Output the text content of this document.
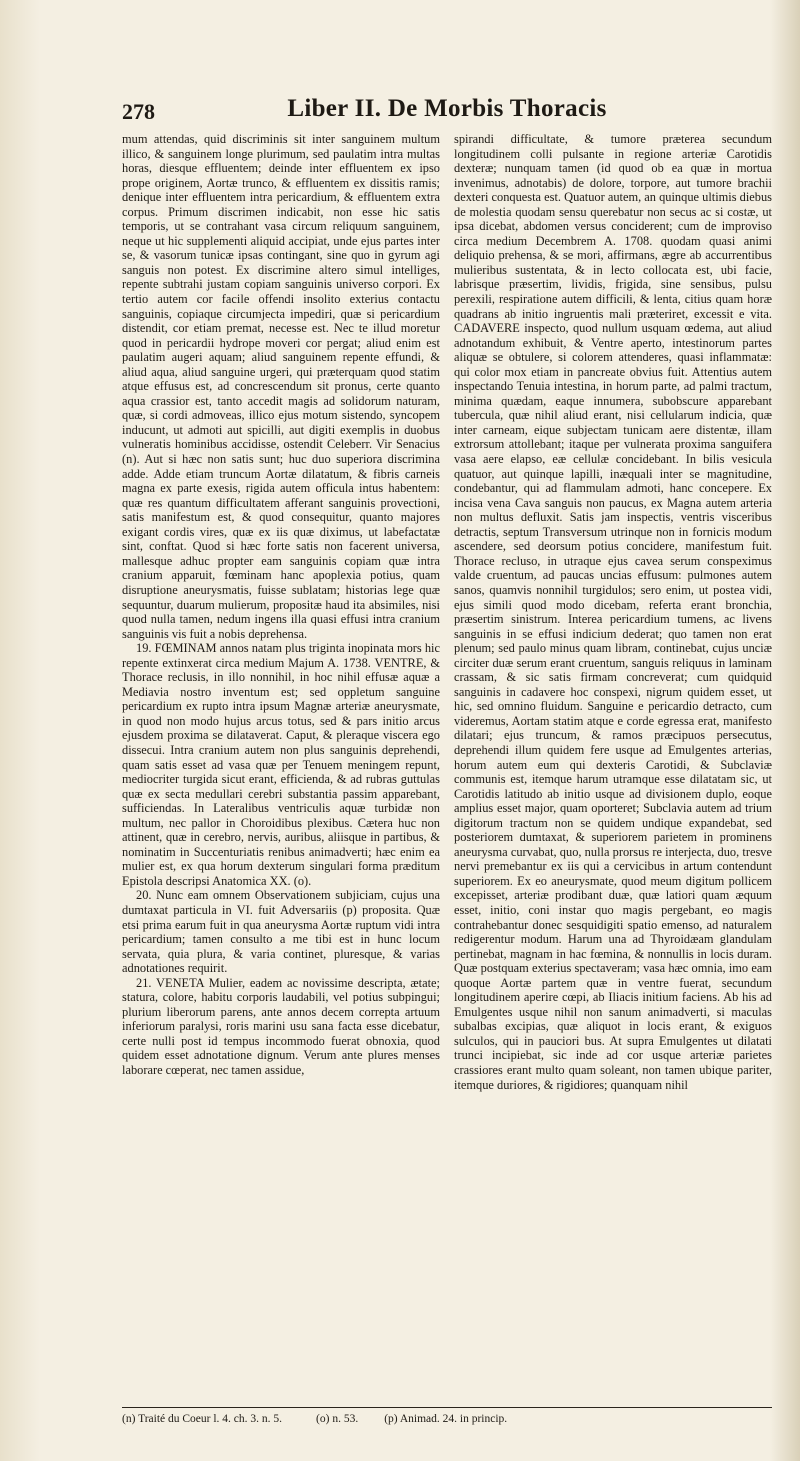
278	Liber II. De Morbis Thoracis

mum attendas, quid discriminis sit inter sanguinem multum illico, & sanguinem longe plurimum, sed paulatim intra multas horas, diesque effluentem; deinde inter effluentem ex ipso prope originem, Aortæ trunco, & effluentem ex dissitis ramis; denique inter effluentem intra pericardium, & effluentem extra corpus. Primum discrimen indicabit, non esse hic satis temporis, ut se contrahant vasa circum reliquum sanguinem, neque ut hic supplementi aliquid accipiat, unde ejus partes inter se, & vasorum tunicæ ipsas contingant, sine quo in gyrum agi sanguis non potest. Ex discrimine altero simul intelliges, repente subtrahi justam copiam sanguinis universo corpori. Ex tertio autem cor facile offendi insolito exterius contactu sanguinis, copiaque circumjecta impediri, quæ si pericardium distendit, cor etiam premat, necesse est. Nec te illud moretur quod in pericardii hydrope moveri cor pergat; aliud enim est paulatim augeri aquam; aliud sanguinem repente effundi, & aliud aqua, aliud sanguine urgeri, qui præterquam quod statim atque effusus est, ad concrescendum sit pronus, certe quanto aqua crassior est, tanto accedit magis ad solidorum naturam, quæ, si cordi admoveas, illico ejus motum sistendo, syncopem inducunt, ut admoti aut spicilli, aut digiti exemplis in duobus vulneratis hominibus accidisse, ostendit Celeberr. Vir Senacius (n). Aut si hæc non satis sunt; huc duo superiora discrimina adde. Adde etiam truncum Aortæ dilatatum, & fibris carneis magna ex parte exesis, rigida autem officula intus habentem: quæ res quantum difficultatem afferant sanguinis provectioni, satis manifestum est, & quod consequitur, quanto majores exigant cordis vires, quæ ex iis quæ diximus, ut labefactatæ sint, conftat. Quod si hæc forte satis non facerent universa, mallesque adhuc propter eam sanguinis copiam quæ intra cranium apparuit, fœminam hanc apoplexia potius, quam disruptione aneurysmatis, fuisse sublatam; historias lege quæ sequuntur, duarum mulierum, propositæ haud ita absimiles, nisi quod nulla tamen, nedum ingens illa quasi effusi intra cranium sanguinis vis fuit a nobis deprehensa.

19. FŒMINAM annos natam plus triginta inopinata mors hic repente extinxerat circa medium Majum A. 1738. VENTRE, & Thorace reclusis, in illo nonnihil, in hoc nihil effusæ aquæ a Mediavia nostro inventum est; sed oppletum sanguine pericardium ex rupto intra ipsum Magnæ arteriæ aneurysmate, in quod non modo hujus arcus totus, sed & pars initio arcus ejusdem proxima se dilataverat. Caput, & pleraque viscera ego dissecui. Intra cranium autem non plus sanguinis deprehendi, quam satis esset ad vasa quæ per Tenuem meningem repunt, mediocriter turgida sicut erant, efficienda, & ad rubras guttulas quæ ex secta medullari cerebri substantia passim apparebant, sufficiendas. In Lateralibus ventriculis aquæ turbidæ non multum, nec pallor in Choroidibus plexibus. Cætera huc non attinent, quæ in cerebro, nervis, auribus, aliisque in partibus, & nominatim in Succenturiatis renibus animadverti; hæc enim ea mulier est, ex qua horum dexterum singulari forma præditum Epistola descripsi Anatomica XX. (o).

20. Nunc eam omnem Observationem subjiciam, cujus una dumtaxat particula in VI. fuit Adversariis (p) proposita. Quæ etsi prima earum fuit in qua aneurysma Aortæ ruptum vidi intra pericardium; tamen consulto a me tibi est in hunc locum servata, quia plura, & varia continet, pluresque, & varias adnotationes requirit.

21. VENETA Mulier, eadem ac novissime descripta, ætate; statura, colore, habitu corporis laudabili, vel potius subpingui; plurium liberorum parens, ante annos decem correpta artuum inferiorum paralysi, roris marini usu sana facta esse dicebatur, certe nulli post id tempus incommodo fuerat obnoxia, quod quidem esset adnotatione dignum. Verum ante plures menses laborare cœperat, nec tamen assidue,

spirandi difficultate, & tumore præterea secundum longitudinem colli pulsante in regione arteriæ Carotidis dexteræ; nunquam tamen (id quod ob ea quæ in mortua invenimus, adnotabis) de dolore, torpore, aut tumore brachii dexteri conquesta est. Quatuor autem, an quinque ultimis diebus de molestia quodam sensu querebatur non secus ac si costæ, ut ipsa dicebat, abdomen versus conciderent; cum de improviso circa medium Decembrem A. 1708. quodam quasi animi deliquio prehensa, & se mori, affirmans, ægre ab accurrentibus mulieribus sustentata, & in lecto collocata est, ubi facie, labrisque præsertim, lividis, frigida, sine sensibus, pulsu perexili, respiratione autem difficili, & lenta, citius quam horæ quadrans ab initio ingruentis mali præteriret, excessit e vita. CADAVERE inspecto, quod nullum usquam œdema, aut aliud adnotandum exhibuit, & Ventre aperto, intestinorum partes aliquæ se obtulere, si colorem attenderes, quasi inflammatæ: qui color mox etiam in pancreate obvius fuit. Attentius autem inspectando Tenuia intestina, in horum parte, ad palmi tractum, minima quædam, eaque innumera, subobscure apparebant tubercula, quæ nihil aliud erant, nisi cellularum indicia, quæ inter carneam, eique subjectam tunicam aere distentæ, illam extrorsum attollebant; itaque per vulnerata proxima sanguifera vasa aere elapso, eæ cellulæ concidebant. In bilis vesicula quatuor, aut quinque lapilli, inæquali inter se magnitudine, condebantur, qui ad flammulam admoti, hanc concepere. Ex incisa vena Cava sanguis non paucus, ex Magna autem arteria non multus defluxit. Satis jam inspectis, ventris visceribus detractis, septum Transversum utrinque non in fornicis modum ascendere, sed deorsum potius concidere, manifestum fuit. Thorace recluso, in utraque ejus cavea serum conspeximus valde cruentum, ad paucas uncias effusum: pulmones autem sanos, quamvis nonnihil turgidulos; sero enim, ut postea vidi, ejus simili quod modo dicebam, referta erant bronchia, præsertim sinistrum. Interea pericardium tumens, ac livens sanguinis in se effusi indicium dederat; quo tamen non erat plenum; sed paulo minus quam libram, continebat, cujus unciæ circiter duæ serum erant cruentum, sanguis reliquus in laminam crassam, & sic satis firmam concreverat; cum quidquid sanguinis in cadavere hoc conspexi, nigrum quidem esset, ut hic, sed omnino fluidum. Sanguine e pericardio detracto, cum videremus, Aortam statim atque e corde egressa erat, manifesto dilatari; ejus truncum, & ramos præcipuos persecutus, deprehendi illum quidem fere usque ad Emulgentes arterias, horum autem eum qui dexteris Carotidi, & Subclaviæ communis est, itemque harum utramque esse dilatatam sic, ut Carotidis latitudo ab initio usque ad divisionem duplo, eoque amplius esset major, quam oporteret; Subclavia autem ad trium digitorum tractum non se quidem undique expandebat, sed posteriorem dumtaxat, & superiorem parietem in prominens aneurysma curvabat, quo, nulla prorsus re interjecta, duo, tresve nervi premebantur ex iis qui a cervicibus in artum contendunt superiorem. Ex eo aneurysmate, quod meum digitum pollicem excepisset, arteriæ prodibant duæ, quæ latiori quam æquum esset, initio, coni instar quo magis pergebant, eo magis contrahebantur donec sesquidigiti spatio emenso, ad naturalem redigerentur modum. Harum una ad Thyroidæam glandulam pertinebat, magnam in hac fœmina, & nonnullis in locis duram. Quæ postquam exterius spectaveram; vasa hæc omnia, imo eam quoque Aortæ partem quæ in ventre fuerat, secundum longitudinem aperire cœpi, ab Iliacis initium faciens. Ab his ad Emulgentes usque nihil non sanum animadverti, si maculas subalbas excipias, quæ aliquot in locis erant, & exiguos sulculos, qui in pauciori bus. At supra Emulgentes ut dilatati trunci incipiebat, sic inde ad cor usque arteriæ parietes crassiores erant multo quam soleant, non tamen ubique pariter, itemque duriores, & rigidiores; quanquam nihil

(n) Traité du Coeur l. 4. ch. 3. n. 5.	(o) n. 53. (p) Animad. 24. in princip.
